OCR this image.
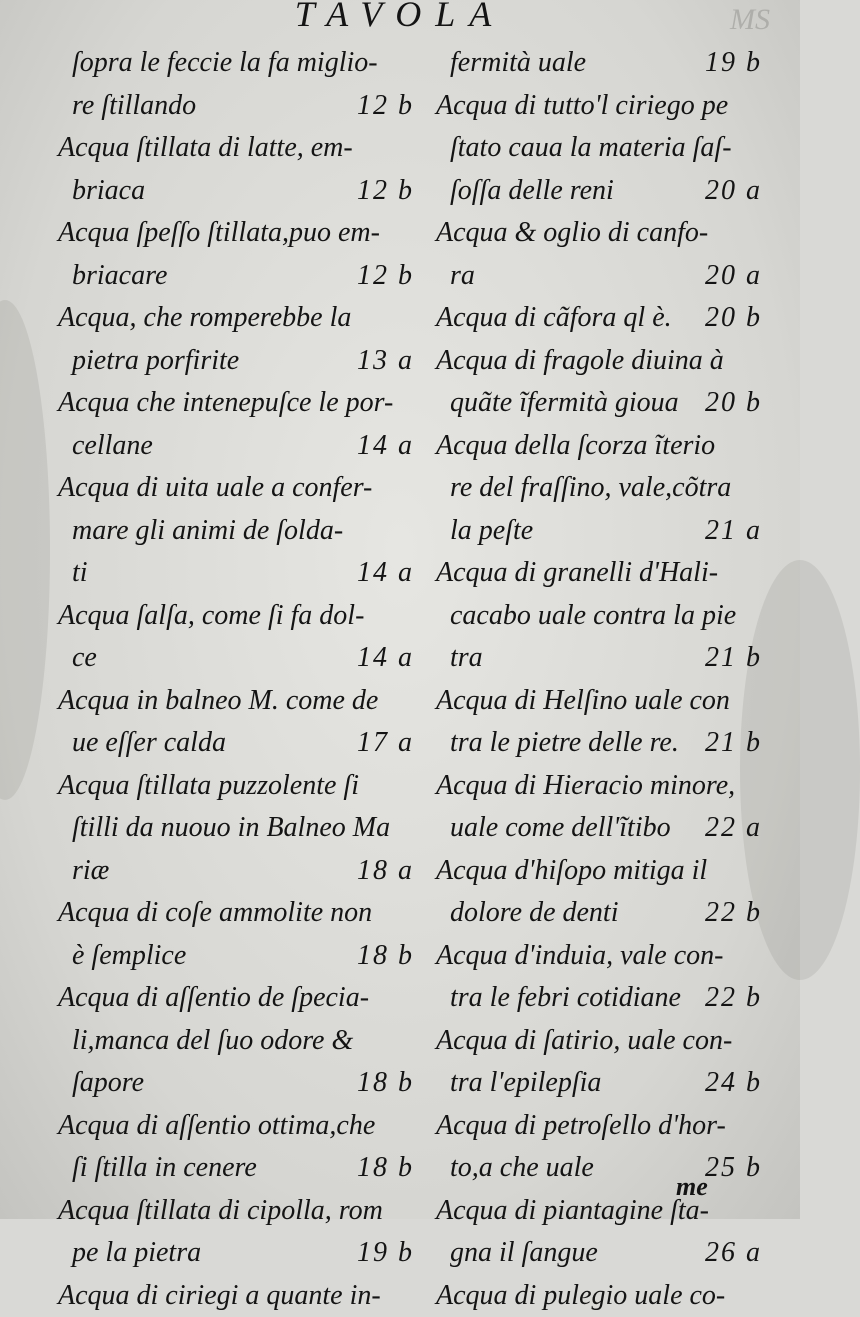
TAVOLA	MS
ſopra le feccie la fa miglio-
re ſtillando	12 b
Acqua ſtillata di latte, em-
briaca	12 b
Acqua ſpeſſo ſtillata,puo em-
briacare	12 b
Acqua, che romperebbe la
pietra porfirite	13 a
Acqua che intenериſce le por-
cellane	14 a
Acqua di uita uale a confer-
mare gli animi de ſolda-
ti	14 a
Acqua ſalſa, come ſi fa dol-
ce	14 a
Acqua in balneo M. come de
ue eſſer calda	17 a
Acqua ſtillata puzzolente ſi
ſtilli da nuouo in Balneo Ma
riæ	18 a
Acqua di coſe ammolite non
è ſemplice	18 b
Acqua di aſſentio de ſpecia-
li,manca del ſuo odore &
ſapore	18 b
Acqua di aſſentio ottima,che
ſi ſtilla in cenere	18 b
Acqua ſtillata di cipolla, rom
pe la pietra	19 b
Acqua di ciriegi a quante in-
fermità uale	19 b
Acqua di tutto'l ciriego pe
ſtato caua la materia ſaſ-
ſoſſa delle reni	20 a
Acqua & oglio di canfo-
ra	20 a
Acqua di cãfora ql è. 20 b
Acqua di fragole diuina à
quãte ĩfermità gioua 20 b
Acqua della ſcorza ĩterio
re del fraſſino, vale,cõtra
la peſte	21 a
Acqua di granelli d'Hali-
cacabo uale contra la pie
tra	21 b
Acqua di Helſino uale con
tra le pietre delle re. 21 b
Acqua di Hieracio minore,
uale come dell'ĩtibo 22 a
Acqua d'hiſopo mitiga il
dolore de denti	22 b
Acqua d'induia, vale con-
tra le febri cotidiane 22 b
Acqua di ſatirio, uale con-
tra l'epilepſia	24 b
Acqua di petroſello d'hor-
to,a che uale	25 b
Acqua di piantagine ſta-
gna il ſangue	26 a
Acqua di pulegio uale co-
me
